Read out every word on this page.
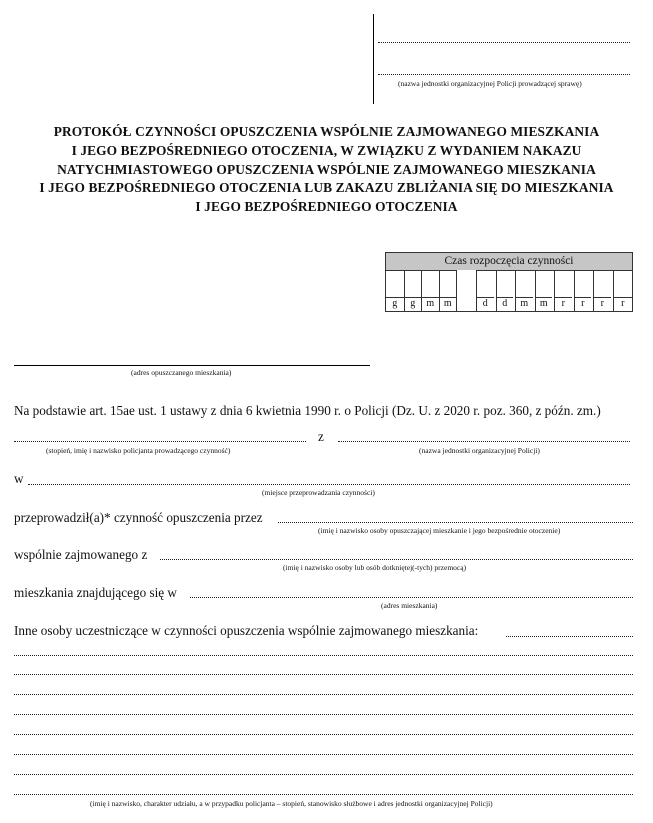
(nazwa jednostki organizacyjnej Policji prowadzącej sprawę)
PROTOKÓŁ CZYNNOŚCI OPUSZCZENIA WSPÓLNIE ZAJMOWANEGO MIESZKANIA
I JEGO BEZPOŚREDNIEGO OTOCZENIA, W ZWIĄZKU Z WYDANIEM NAKAZU
NATYCHMIASTOWEGO OPUSZCZENIA WSPÓLNIE ZAJMOWANEGO MIESZKANIA
I JEGO BEZPOŚREDNIEGO OTOCZENIA LUB ZAKAZU ZBLIŻANIA SIĘ DO MIESZKANIA
I JEGO BEZPOŚREDNIEGO OTOCZENIA
Czas rozpoczęcia czynności
g	g	m m	d	d	m	m	r	r	r	r
(adres opuszczanego mieszkania)
Na podstawie art. 15ae ust. 1 ustawy z dnia 6 kwietnia 1990 r. o Policji (Dz. U. z 2020 r. poz. 360, z późn. zm.)
z
(stopień, imię i nazwisko policjanta prowadzącego czynność)	(nazwa jednostki organizacyjnej Policji)
w
(miejsce przeprowadzania czynności)
przeprowadził(a)* czynność opuszczenia przez
(imię i nazwisko osoby opuszczającej mieszkanie i jego bezpośrednie otoczenie)
wspólnie zajmowanego z
(imię i nazwisko osoby lub osób dotkniętej(-tych) przemocą)
mieszkania znajdującego się w
(adres mieszkania)
Inne osoby uczestniczące w czynności opuszczenia wspólnie zajmowanego mieszkania:
(imię i nazwisko, charakter udziału, a w przypadku policjanta – stopień, stanowisko służbowe i adres jednostki organizacyjnej Policji)
